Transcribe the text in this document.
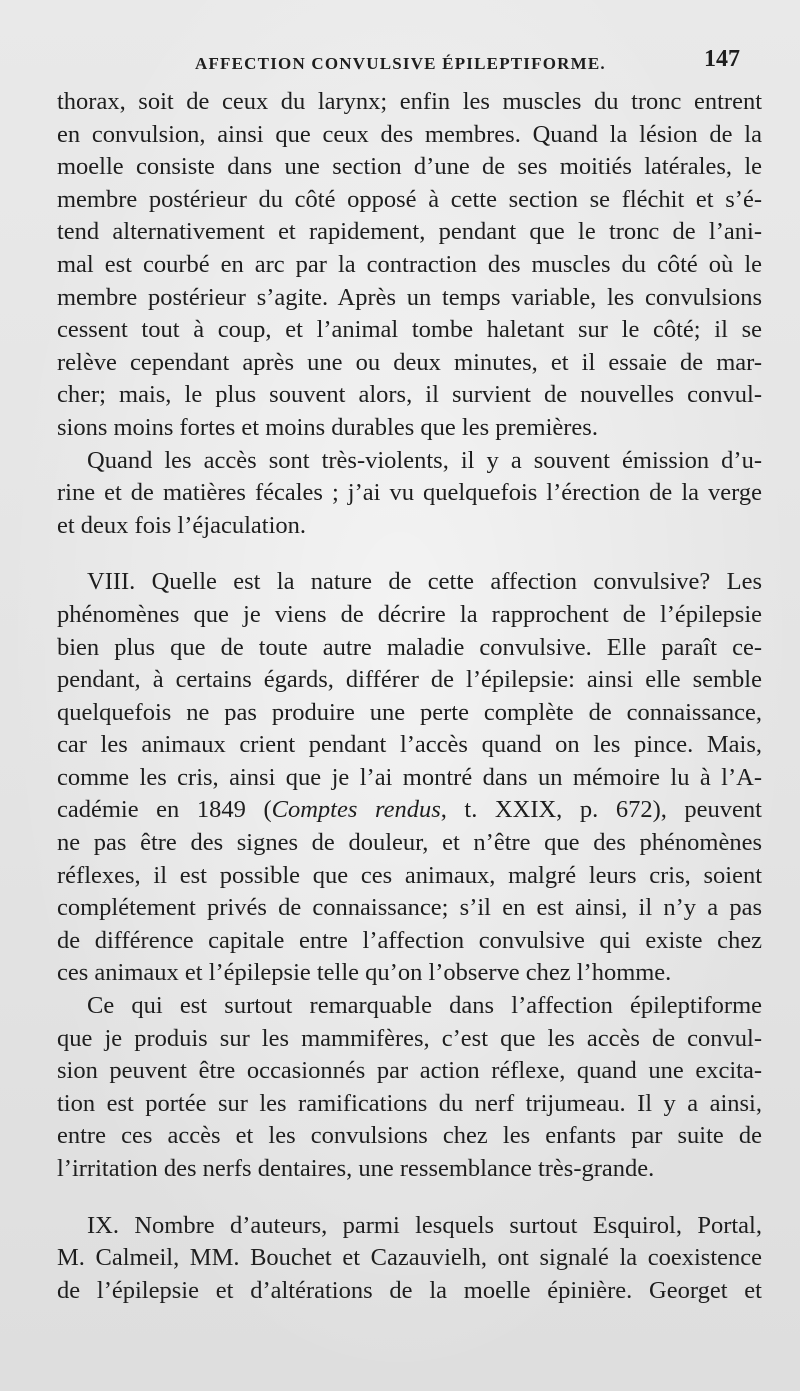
AFFECTION CONVULSIVE ÉPILEPTIFORME.	147
thorax, soit de ceux du larynx; enfin les muscles du tronc entrent
en convulsion, ainsi que ceux des membres. Quand la lésion de la
moelle consiste dans une section d’une de ses moitiés latérales, le
membre postérieur du côté opposé à cette section se fléchit et s’é-
tend alternativement et rapidement, pendant que le tronc de l’ani-
mal est courbé en arc par la contraction des muscles du côté où le
membre postérieur s’agite. Après un temps variable, les convulsions
cessent tout à coup, et l’animal tombe haletant sur le côté; il se
relève cependant après une ou deux minutes, et il essaie de mar-
cher; mais, le plus souvent alors, il survient de nouvelles convul-
sions moins fortes et moins durables que les premières.
Quand les accès sont très-violents, il y a souvent émission d’u-
rine et de matières fécales ; j’ai vu quelquefois l’érection de la verge
et deux fois l’éjaculation.
VIII. Quelle est la nature de cette affection convulsive? Les
phénomènes que je viens de décrire la rapprochent de l’épilepsie
bien plus que de toute autre maladie convulsive. Elle paraît ce-
pendant, à certains égards, différer de l’épilepsie: ainsi elle semble
quelquefois ne pas produire une perte complète de connaissance,
car les animaux crient pendant l’accès quand on les pince. Mais,
comme les cris, ainsi que je l’ai montré dans un mémoire lu à l’A-
cadémie en 1849 (Comptes rendus, t. XXIX, p. 672), peuvent
ne pas être des signes de douleur, et n’être que des phénomènes
réflexes, il est possible que ces animaux, malgré leurs cris, soient
complétement privés de connaissance; s’il en est ainsi, il n’y a pas
de différence capitale entre l’affection convulsive qui existe chez
ces animaux et l’épilepsie telle qu’on l’observe chez l’homme.
Ce qui est surtout remarquable dans l’affection épileptiforme
que je produis sur les mammifères, c’est que les accès de convul-
sion peuvent être occasionnés par action réflexe, quand une excita-
tion est portée sur les ramifications du nerf trijumeau. Il y a ainsi,
entre ces accès et les convulsions chez les enfants par suite de
l’irritation des nerfs dentaires, une ressemblance très-grande.
IX. Nombre d’auteurs, parmi lesquels surtout Esquirol, Portal,
M. Calmeil, MM. Bouchet et Cazauvielh, ont signalé la coexistence
de l’épilepsie et d’altérations de la moelle épinière. Georget et
